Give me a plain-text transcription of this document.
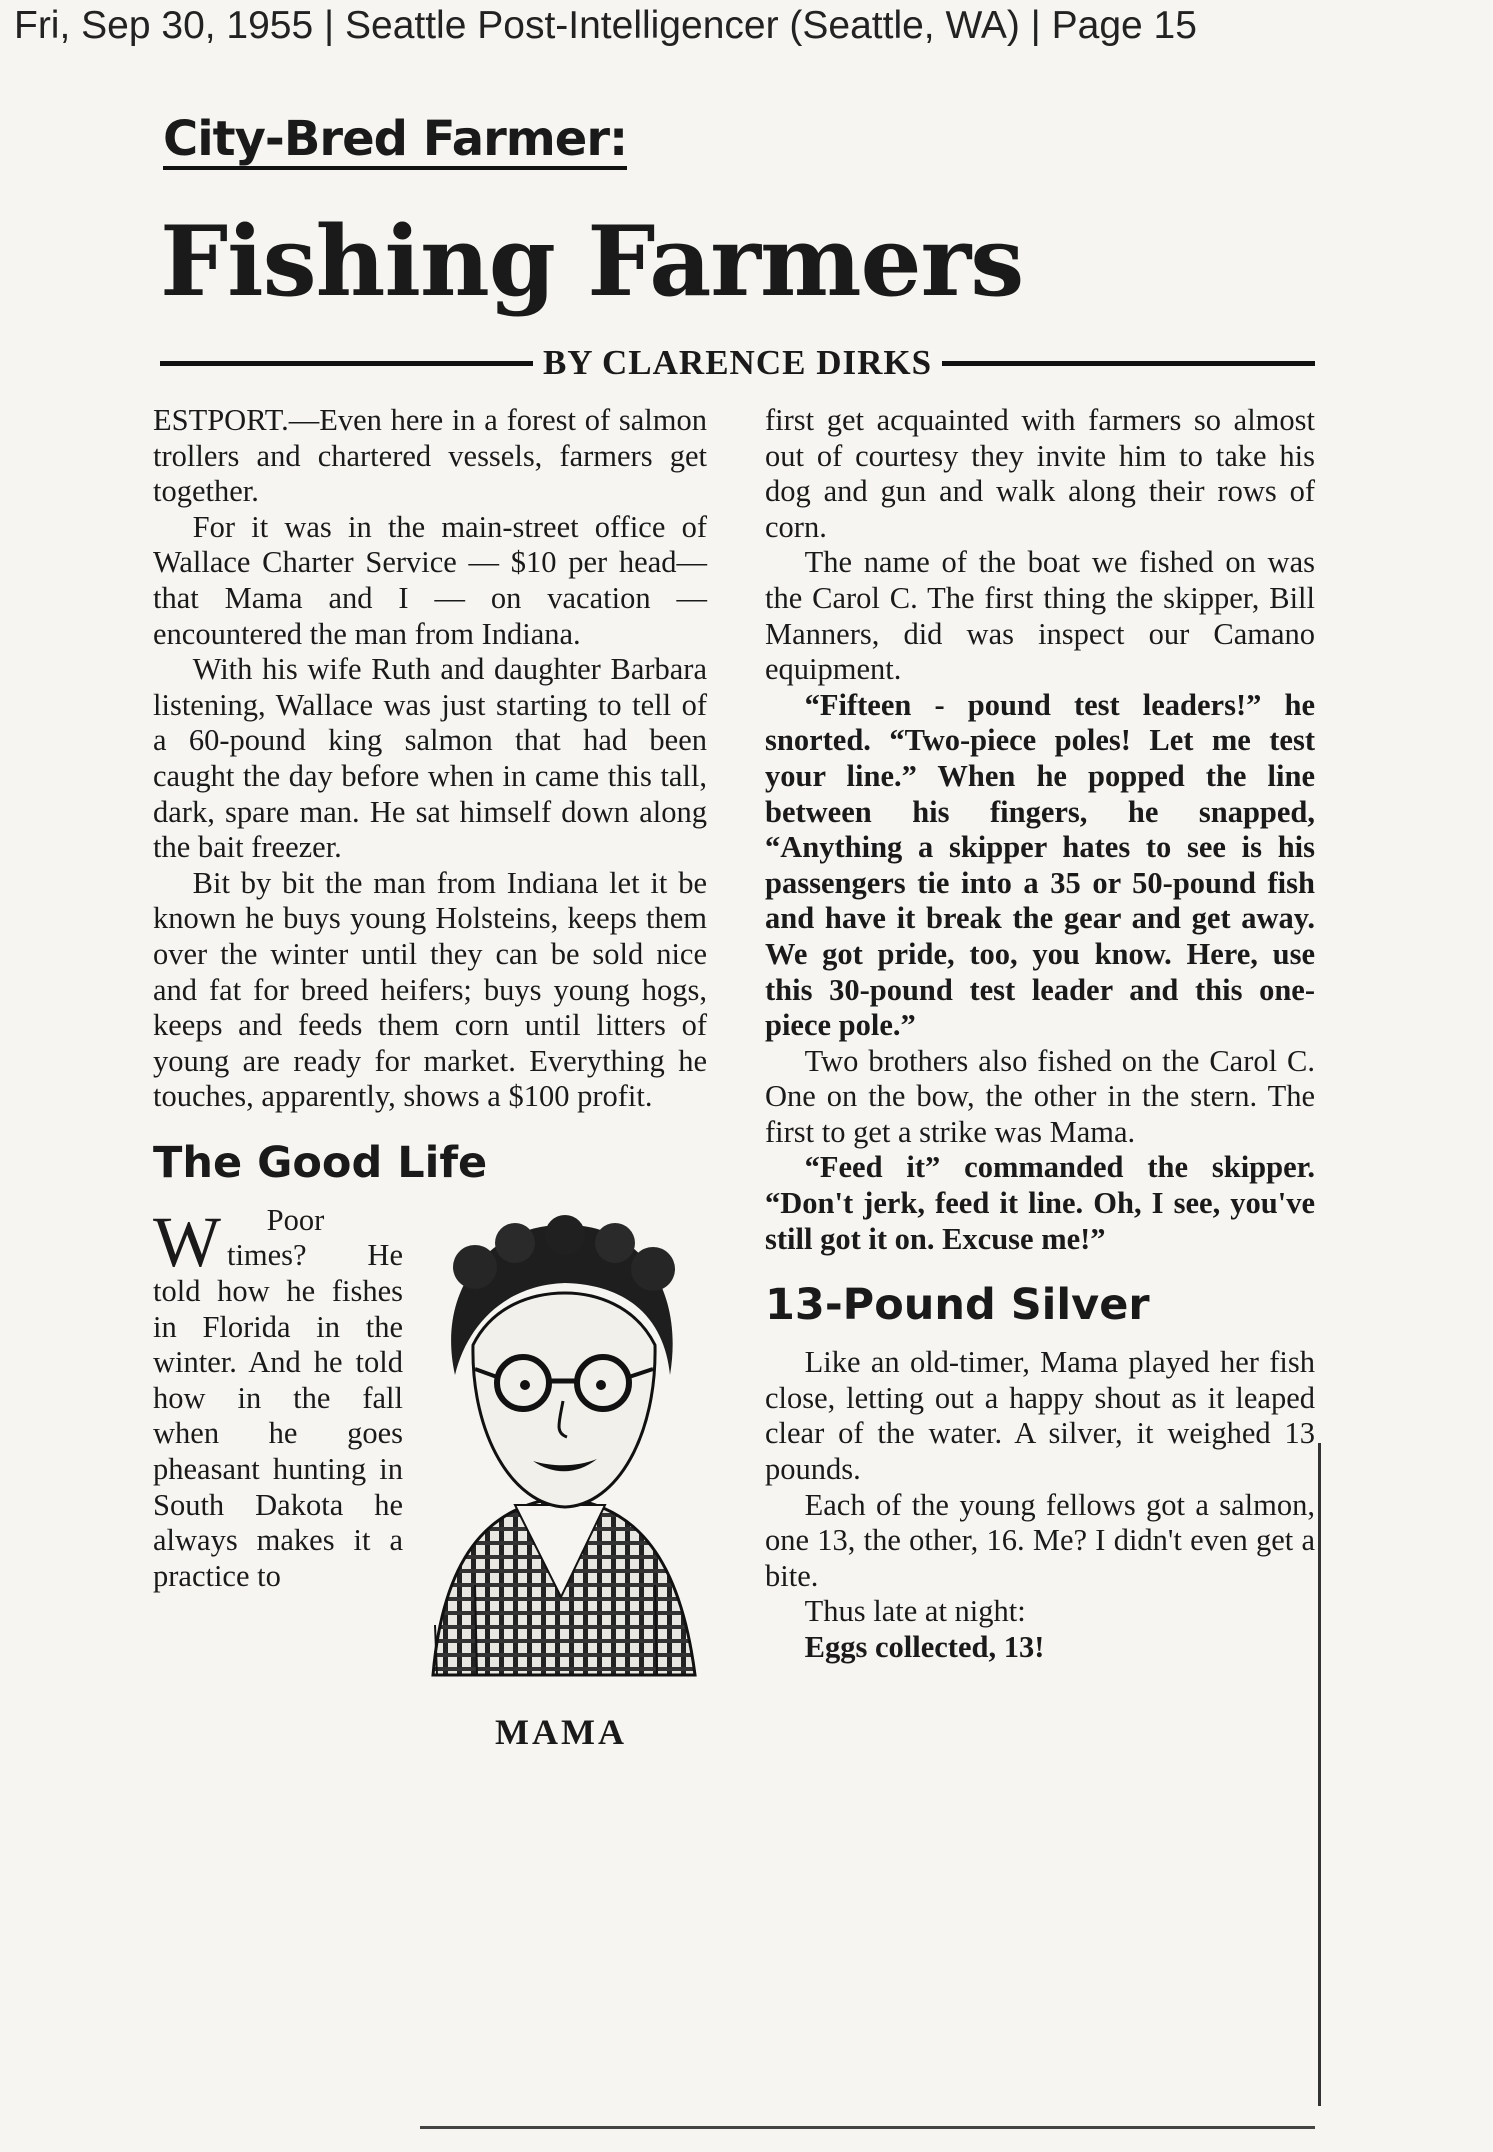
Fri, Sep 30, 1955 | Seattle Post-Intelligencer (Seattle, WA) | Page 15
City-Bred Farmer:
Fishing Farmers
BY CLARENCE DIRKS
MAMA

W
ESTPORT.—Even here in a forest of salmon trollers and chartered vessels, farmers get together.

For it was in the main-street office of Wallace Charter Service — $10 per head— that Mama and I — on vacation — encountered the man from Indiana.

With his wife Ruth and daughter Barbara listening, Wallace was just starting to tell of a 60-pound king salmon that had been caught the day before when in came this tall, dark, spare man. He sat himself down along the bait freezer.

Bit by bit the man from Indiana let it be known he buys young Holsteins, keeps them over the winter until they can be sold nice and fat for breed heifers; buys young hogs, keeps and feeds them corn until litters of young are ready for market. Everything he touches, apparently, shows a $100 profit.

The Good Life

Poor times? He told how he fishes in Florida in the winter. And he told how in the fall when he goes pheasant hunting in South Dakota he always makes it a practice to

first get acquainted with farmers so almost out of courtesy they invite him to take his dog and gun and walk along their rows of corn.

The name of the boat we fished on was the Carol C. The first thing the skipper, Bill Manners, did was inspect our Camano equipment.

“Fifteen - pound test leaders!” he snorted. “Two-piece poles! Let me test your line.” When he popped the line between his fingers, he snapped, “Anything a skipper hates to see is his passengers tie into a 35 or 50-pound fish and have it break the gear and get away. We got pride, too, you know. Here, use this 30-pound test leader and this one-piece pole.”

Two brothers also fished on the Carol C. One on the bow, the other in the stern. The first to get a strike was Mama.

“Feed it” commanded the skipper. “Don't jerk, feed it line. Oh, I see, you've still got it on. Excuse me!”

13-Pound Silver

Like an old-timer, Mama played her fish close, letting out a happy shout as it leaped clear of the water. A silver, it weighed 13 pounds.

Each of the young fellows got a salmon, one 13, the other, 16. Me? I didn't even get a bite.

Thus late at night:

Eggs collected, 13!
